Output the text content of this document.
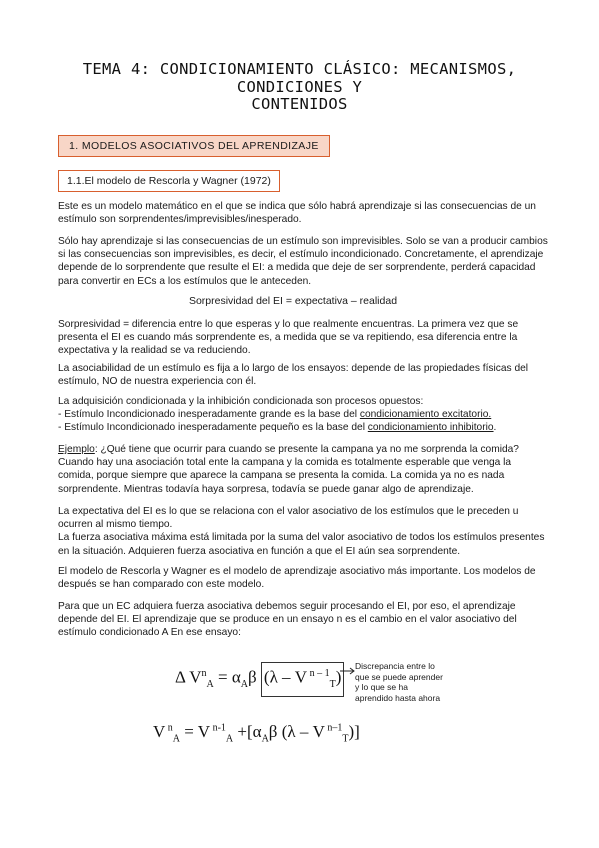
TEMA 4: CONDICIONAMIENTO CLÁSICO: MECANISMOS, CONDICIONES Y
CONTENIDOS
1. MODELOS ASOCIATIVOS DEL APRENDIZAJE
1.1.El modelo de Rescorla y Wagner (1972)

Este es un modelo matemático en el que se indica que sólo habrá aprendizaje si las consecuencias de un
estímulo son sorprendentes/imprevisibles/inesperado.

Sólo hay aprendizaje si las consecuencias de un estímulo son imprevisibles. Solo se van a producir cambios
si las consecuencias son imprevisibles, es decir, el estímulo incondicionado. Concretamente, el aprendizaje
depende de lo sorprendente que resulte el EI: a medida que deje de ser sorprendente, perderá capacidad
para convertir en ECs a los estímulos que le anteceden.

Sorpresividad del EI = expectativa – realidad

Sorpresividad = diferencia entre lo que esperas y lo que realmente encuentras. La primera vez que se
presenta el EI es cuando más sorprendente es, a medida que se va repitiendo, esa diferencia entre la
expectativa y la realidad se va reduciendo.

La asociabilidad de un estímulo es fija a lo largo de los ensayos: depende de las propiedades físicas del
estímulo, NO de nuestra experiencia con él.

La adquisición condicionada y la inhibición condicionada son procesos opuestos:
- Estímulo Incondicionado inesperadamente grande es la base del condicionamiento excitatorio.
- Estímulo Incondicionado inesperadamente pequeño es la base del condicionamiento inhibitorio.

Ejemplo: ¿Qué tiene que ocurrir para cuando se presente la campana ya no me sorprenda la comida?
Cuando hay una asociación total ente la campana y la comida es totalmente esperable que venga la
comida, porque siempre que aparece la campana se presenta la comida. La comida ya no es nada
sorprendente. Mientras todavía haya sorpresa, todavía se puede ganar algo de aprendizaje.

La expectativa del EI es lo que se relaciona con el valor asociativo de los estímulos que le preceden u
ocurren al mismo tiempo.
La fuerza asociativa máxima está limitada por la suma del valor asociativo de todos los estímulos presentes
en la situación. Adquieren fuerza asociativa en función a que el EI aún sea sorprendente.

El modelo de Rescorla y Wagner es el modelo de aprendizaje asociativo más importante. Los modelos de
después se han comparado con este modelo.

Para que un EC adquiera fuerza asociativa debemos seguir procesando el EI, por eso, el aprendizaje
depende del EI. El aprendizaje que se produce en un ensayo n es el cambio en el valor asociativo del
estímulo condicionado A En ese ensayo:

Δ $V^n_A = \alpha_A\beta$ (λ – V $^{n - 1}_T$)
Discrepancia entre lo
que se puede aprender
y lo que se ha
aprendido hasta ahora
V $^n_A$ = V $^{n-1}_A +[\alpha_A\beta$ (λ – V $^{n-1}_T$)]
